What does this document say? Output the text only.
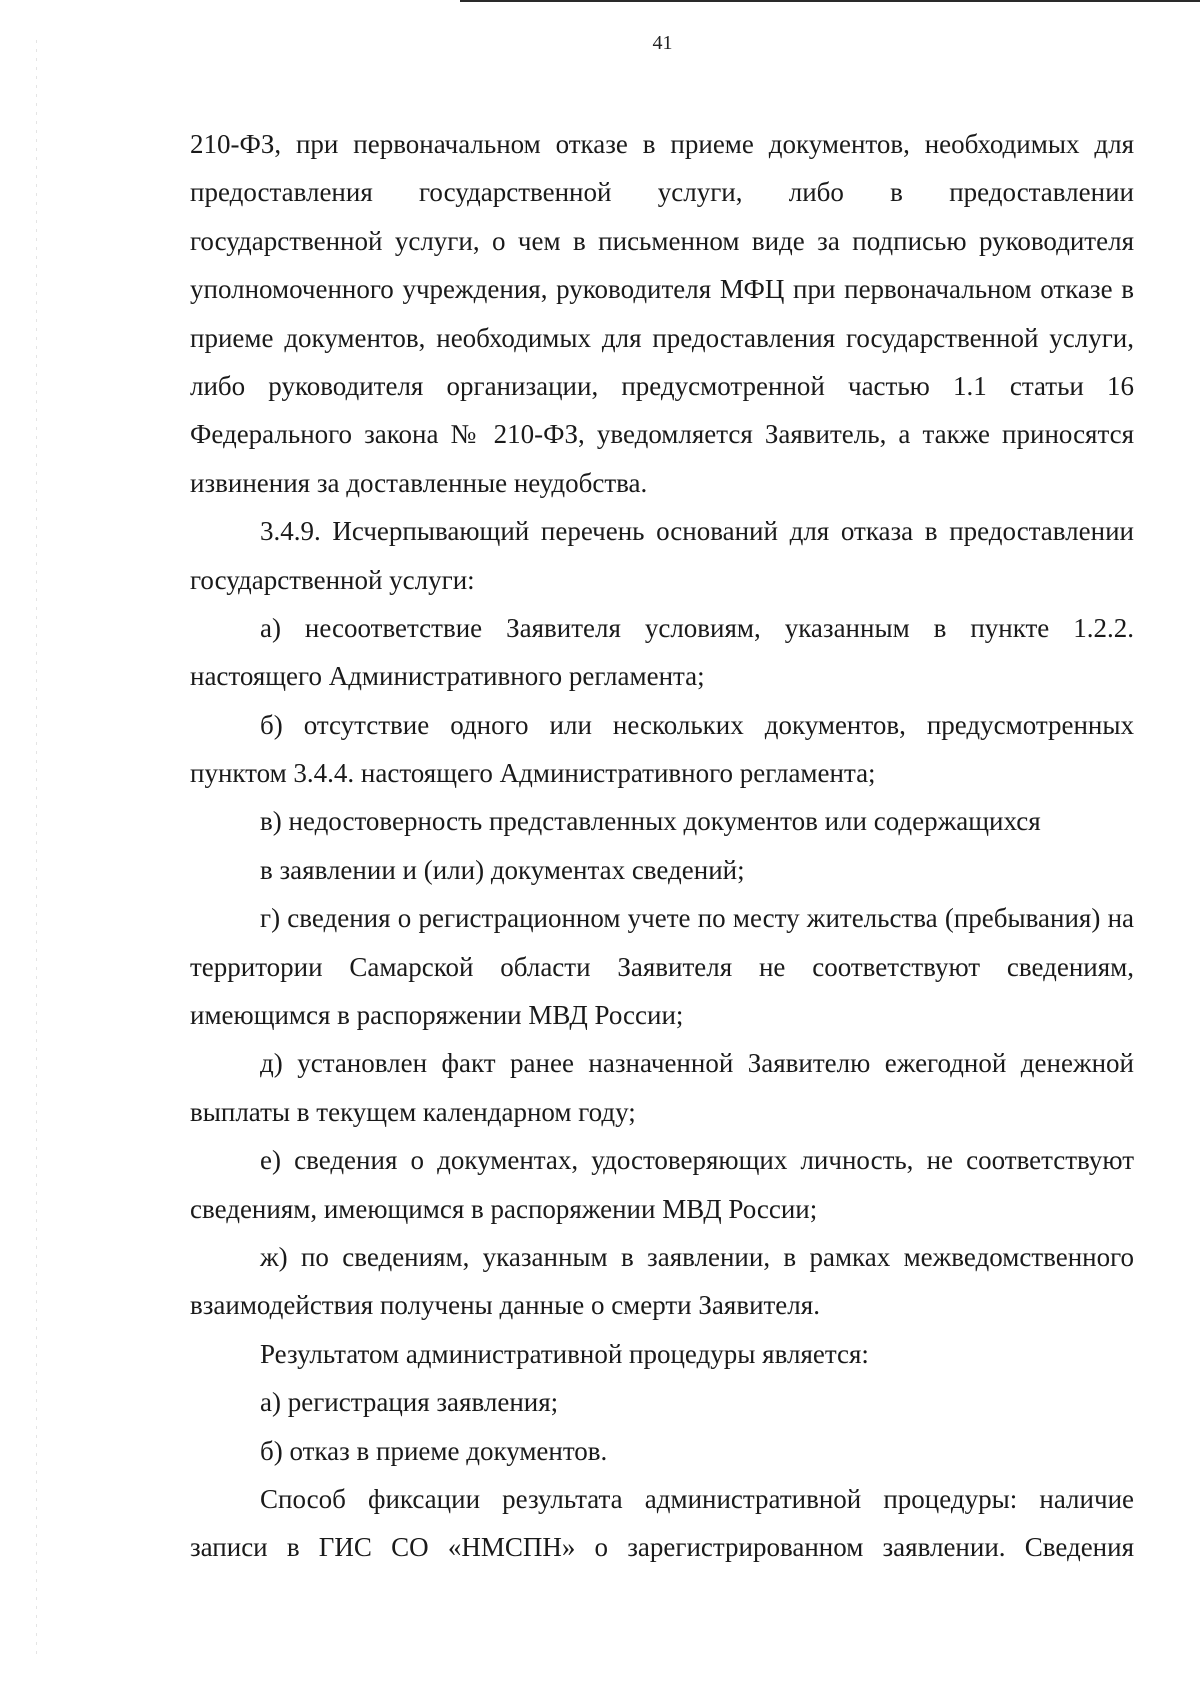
41
210-ФЗ, при первоначальном отказе в приеме документов, необходимых для
предоставления государственной услуги, либо в предоставлении
государственной услуги, о чем в письменном виде за подписью руководителя
уполномоченного учреждения, руководителя МФЦ при первоначальном отказе в
приеме документов, необходимых для предоставления государственной услуги,
либо руководителя организации, предусмотренной частью 1.1 статьи 16
Федерального закона № 210-ФЗ, уведомляется Заявитель, а также приносятся
извинения за доставленные неудобства.
3.4.9. Исчерпывающий перечень оснований для отказа в предоставлении
государственной услуги:
а) несоответствие Заявителя условиям, указанным в пункте 1.2.2.
настоящего Административного регламента;
б) отсутствие одного или нескольких документов, предусмотренных
пунктом 3.4.4. настоящего Административного регламента;
в) недостоверность представленных документов или содержащихся
в заявлении и (или) документах сведений;
г) сведения о регистрационном учете по месту жительства (пребывания) на
территории Самарской области Заявителя не соответствуют сведениям,
имеющимся в распоряжении МВД России;
д) установлен факт ранее назначенной Заявителю ежегодной денежной
выплаты в текущем календарном году;
е) сведения о документах, удостоверяющих личность, не соответствуют
сведениям, имеющимся в распоряжении МВД России;
ж) по сведениям, указанным в заявлении, в рамках межведомственного
взаимодействия получены данные о смерти Заявителя.
Результатом административной процедуры является:
а) регистрация заявления;
б) отказ в приеме документов.
Способ фиксации результата административной процедуры: наличие
записи в ГИС СО «НМСПН» о зарегистрированном заявлении. Сведения
